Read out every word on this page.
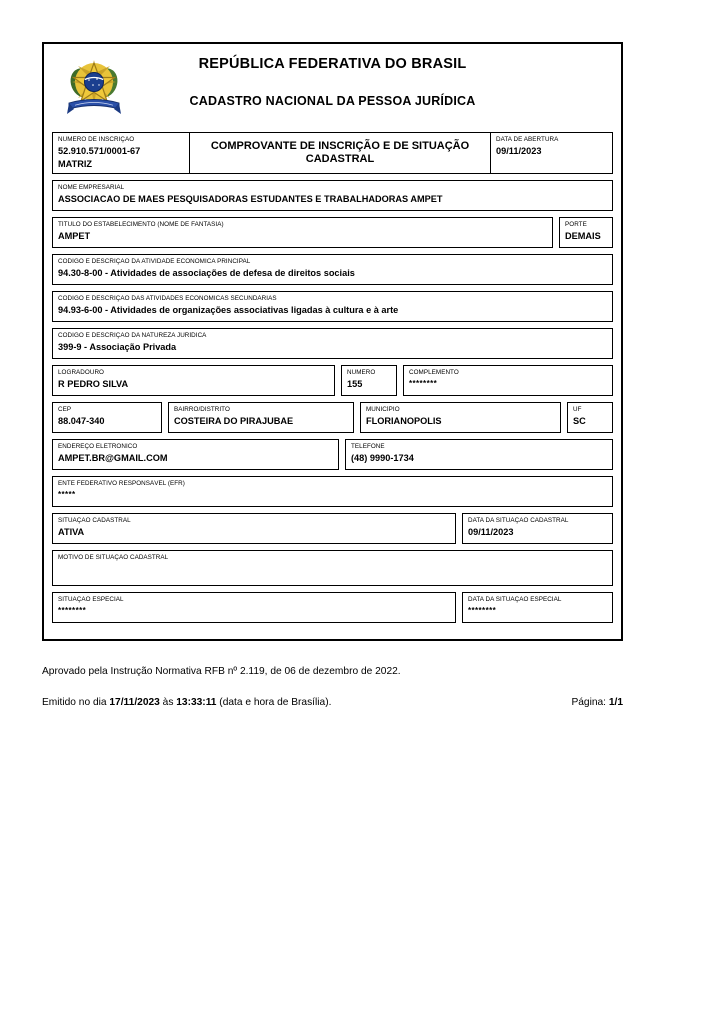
REPÚBLICA FEDERATIVA DO BRASIL
CADASTRO NACIONAL DA PESSOA JURÍDICA
NÚMERO DE INSCRIÇÃO
52.910.571/0001-67
MATRIZ
COMPROVANTE DE INSCRIÇÃO E DE SITUAÇÃO CADASTRAL
DATA DE ABERTURA
09/11/2023
NOME EMPRESARIAL
ASSOCIACAO DE MAES PESQUISADORAS ESTUDANTES E TRABALHADORAS AMPET
TÍTULO DO ESTABELECIMENTO (NOME DE FANTASIA)
AMPET
PORTE
DEMAIS
CÓDIGO E DESCRIÇÃO DA ATIVIDADE ECONÔMICA PRINCIPAL
94.30-8-00 - Atividades de associações de defesa de direitos sociais
CÓDIGO E DESCRIÇÃO DAS ATIVIDADES ECONÔMICAS SECUNDÁRIAS
94.93-6-00 - Atividades de organizações associativas ligadas à cultura e à arte
CÓDIGO E DESCRIÇÃO DA NATUREZA JURÍDICA
399-9 - Associação Privada
LOGRADOURO
R PEDRO SILVA
NÚMERO
155
COMPLEMENTO
********
CEP
88.047-340
BAIRRO/DISTRITO
COSTEIRA DO PIRAJUBAE
MUNICÍPIO
FLORIANOPOLIS
UF
SC
ENDEREÇO ELETRÔNICO
AMPET.BR@GMAIL.COM
TELEFONE
(48) 9990-1734
ENTE FEDERATIVO RESPONSÁVEL (EFR)
*****
SITUAÇÃO CADASTRAL
ATIVA
DATA DA SITUAÇÃO CADASTRAL
09/11/2023
MOTIVO DE SITUAÇÃO CADASTRAL
SITUAÇÃO ESPECIAL
********
DATA DA SITUAÇÃO ESPECIAL
********
Aprovado pela Instrução Normativa RFB nº 2.119, de 06 de dezembro de 2022.
Emitido no dia 17/11/2023 às 13:33:11 (data e hora de Brasília).	Página: 1/1
